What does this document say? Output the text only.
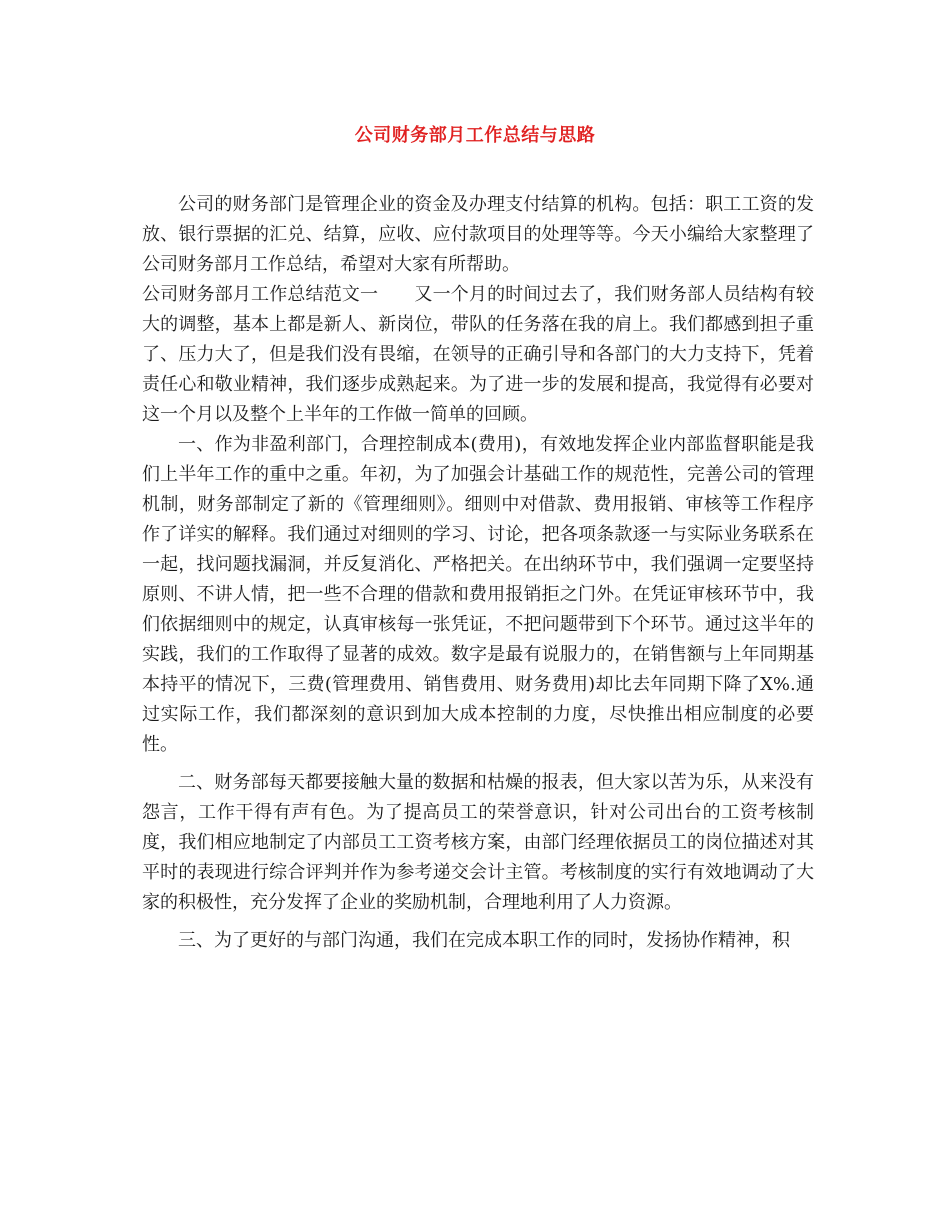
公司财务部月工作总结与思路

公司的财务部门是管理企业的资金及办理支付结算的机构。包括：职工工资的发放、银行票据的汇兑、结算，应收、应付款项目的处理等等。今天小编给大家整理了公司财务部月工作总结，希望对大家有所帮助。

公司财务部月工作总结范文一 又一个月的时间过去了，我们财务部人员结构有较大的调整，基本上都是新人、新岗位，带队的任务落在我的肩上。我们都感到担子重了、压力大了，但是我们没有畏缩，在领导的正确引导和各部门的大力支持下，凭着责任心和敬业精神，我们逐步成熟起来。为了进一步的发展和提高，我觉得有必要对这一个月以及整个上半年的工作做一简单的回顾。

一、作为非盈利部门，合理控制成本(费用)，有效地发挥企业内部监督职能是我们上半年工作的重中之重。年初，为了加强会计基础工作的规范性，完善公司的管理机制，财务部制定了新的《管理细则》。细则中对借款、费用报销、审核等工作程序作了详实的解释。我们通过对细则的学习、讨论，把各项条款逐一与实际业务联系在一起，找问题找漏洞，并反复消化、严格把关。在出纳环节中，我们强调一定要坚持原则、不讲人情，把一些不合理的借款和费用报销拒之门外。在凭证审核环节中，我们依据细则中的规定，认真审核每一张凭证，不把问题带到下个环节。通过这半年的实践，我们的工作取得了显著的成效。数字是最有说服力的，在销售额与上年同期基本持平的情况下，三费(管理费用、销售费用、财务费用)却比去年同期下降了X%.通过实际工作，我们都深刻的意识到加大成本控制的力度，尽快推出相应制度的必要性。

二、财务部每天都要接触大量的数据和枯燥的报表，但大家以苦为乐，从来没有怨言，工作干得有声有色。为了提高员工的荣誉意识，针对公司出台的工资考核制度，我们相应地制定了内部员工工资考核方案，由部门经理依据员工的岗位描述对其平时的表现进行综合评判并作为参考递交会计主管。考核制度的实行有效地调动了大家的积极性，充分发挥了企业的奖励机制，合理地利用了人力资源。

三、为了更好的与部门沟通，我们在完成本职工作的同时，发扬协作精神，积
